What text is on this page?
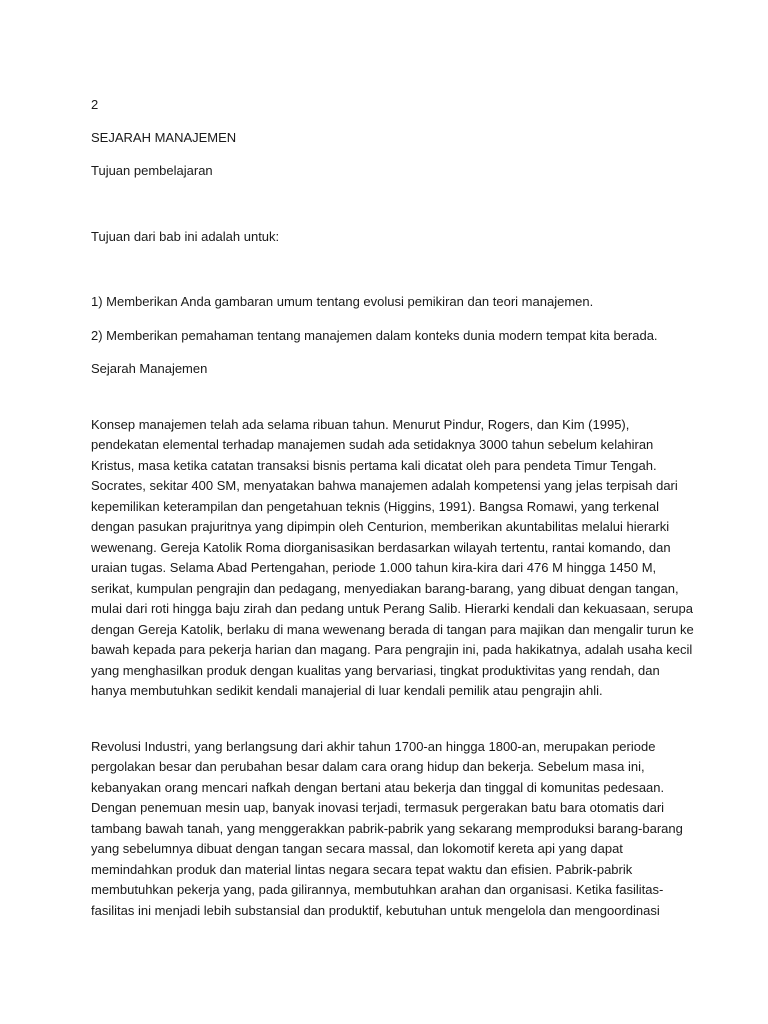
2

SEJARAH MANAJEMEN

Tujuan pembelajaran

Tujuan dari bab ini adalah untuk:

1) Memberikan Anda gambaran umum tentang evolusi pemikiran dan teori manajemen.

2) Memberikan pemahaman tentang manajemen dalam konteks dunia modern tempat kita berada.

Sejarah Manajemen

Konsep manajemen telah ada selama ribuan tahun. Menurut Pindur, Rogers, dan Kim (1995),
pendekatan elemental terhadap manajemen sudah ada setidaknya 3000 tahun sebelum kelahiran
Kristus, masa ketika catatan transaksi bisnis pertama kali dicatat oleh para pendeta Timur Tengah.
Socrates, sekitar 400 SM, menyatakan bahwa manajemen adalah kompetensi yang jelas terpisah dari
kepemilikan keterampilan dan pengetahuan teknis (Higgins, 1991). Bangsa Romawi, yang terkenal
dengan pasukan prajuritnya yang dipimpin oleh Centurion, memberikan akuntabilitas melalui hierarki
wewenang. Gereja Katolik Roma diorganisasikan berdasarkan wilayah tertentu, rantai komando, dan
uraian tugas. Selama Abad Pertengahan, periode 1.000 tahun kira-kira dari 476 M hingga 1450 M,
serikat, kumpulan pengrajin dan pedagang, menyediakan barang-barang, yang dibuat dengan tangan,
mulai dari roti hingga baju zirah dan pedang untuk Perang Salib. Hierarki kendali dan kekuasaan, serupa
dengan Gereja Katolik, berlaku di mana wewenang berada di tangan para majikan dan mengalir turun ke
bawah kepada para pekerja harian dan magang. Para pengrajin ini, pada hakikatnya, adalah usaha kecil
yang menghasilkan produk dengan kualitas yang bervariasi, tingkat produktivitas yang rendah, dan
hanya membutuhkan sedikit kendali manajerial di luar kendali pemilik atau pengrajin ahli.
Revolusi Industri, yang berlangsung dari akhir tahun 1700-an hingga 1800-an, merupakan periode
pergolakan besar dan perubahan besar dalam cara orang hidup dan bekerja. Sebelum masa ini,
kebanyakan orang mencari nafkah dengan bertani atau bekerja dan tinggal di komunitas pedesaan.
Dengan penemuan mesin uap, banyak inovasi terjadi, termasuk pergerakan batu bara otomatis dari
tambang bawah tanah, yang menggerakkan pabrik-pabrik yang sekarang memproduksi barang-barang
yang sebelumnya dibuat dengan tangan secara massal, dan lokomotif kereta api yang dapat
memindahkan produk dan material lintas negara secara tepat waktu dan efisien. Pabrik-pabrik
membutuhkan pekerja yang, pada gilirannya, membutuhkan arahan dan organisasi. Ketika fasilitas-
fasilitas ini menjadi lebih substansial dan produktif, kebutuhan untuk mengelola dan mengoordinasi
